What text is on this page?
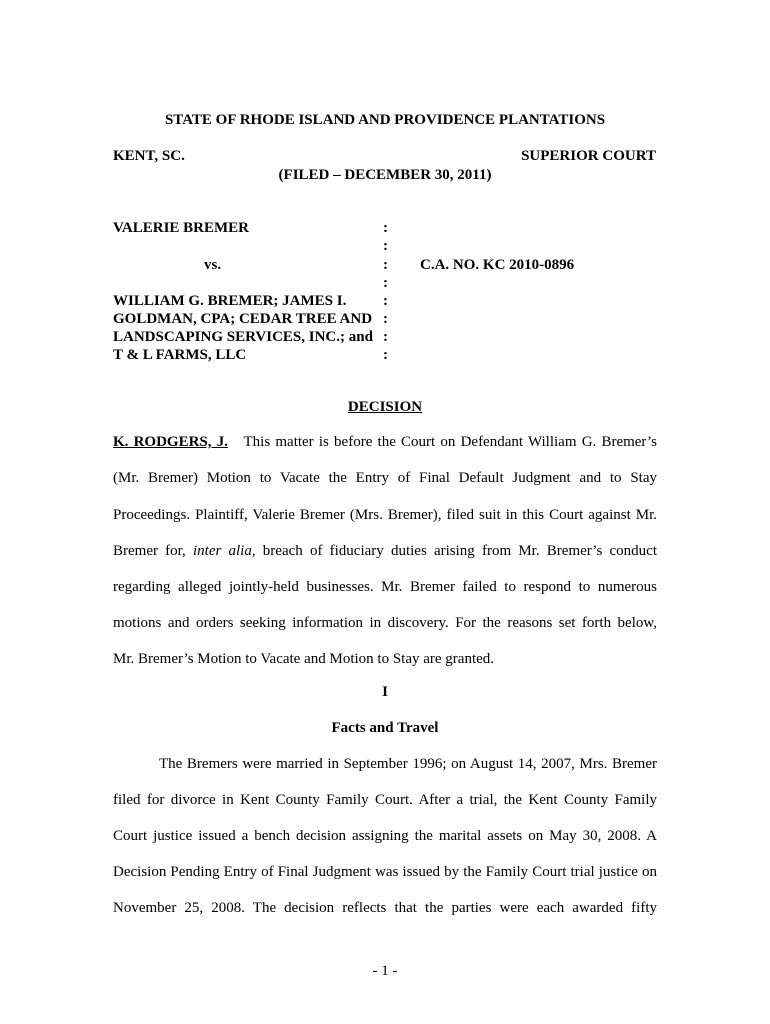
STATE OF RHODE ISLAND AND PROVIDENCE PLANTATIONS
KENT, SC.	SUPERIOR COURT
(FILED – DECEMBER 30, 2011)
VALERIE BREMER
vs.	C.A. NO. KC 2010-0896
WILLIAM G. BREMER; JAMES I.
GOLDMAN, CPA; CEDAR TREE AND
LANDSCAPING SERVICES, INC.; and
T & L FARMS, LLC
:
:
:
:
:
:
:
:
DECISION
K. RODGERS, J. This matter is before the Court on Defendant William G. Bremer’s
(Mr. Bremer) Motion to Vacate the Entry of Final Default Judgment and to Stay
Proceedings. Plaintiff, Valerie Bremer (Mrs. Bremer), filed suit in this Court against Mr.
Bremer for, inter alia, breach of fiduciary duties arising from Mr. Bremer’s conduct
regarding alleged jointly-held businesses. Mr. Bremer failed to respond to numerous
motions and orders seeking information in discovery. For the reasons set forth below,
Mr. Bremer’s Motion to Vacate and Motion to Stay are granted.
I
Facts and Travel
The Bremers were married in September 1996; on August 14, 2007, Mrs. Bremer
filed for divorce in Kent County Family Court. After a trial, the Kent County Family
Court justice issued a bench decision assigning the marital assets on May 30, 2008. A
Decision Pending Entry of Final Judgment was issued by the Family Court trial justice on
November 25, 2008. The decision reflects that the parties were each awarded fifty
- 1 -
